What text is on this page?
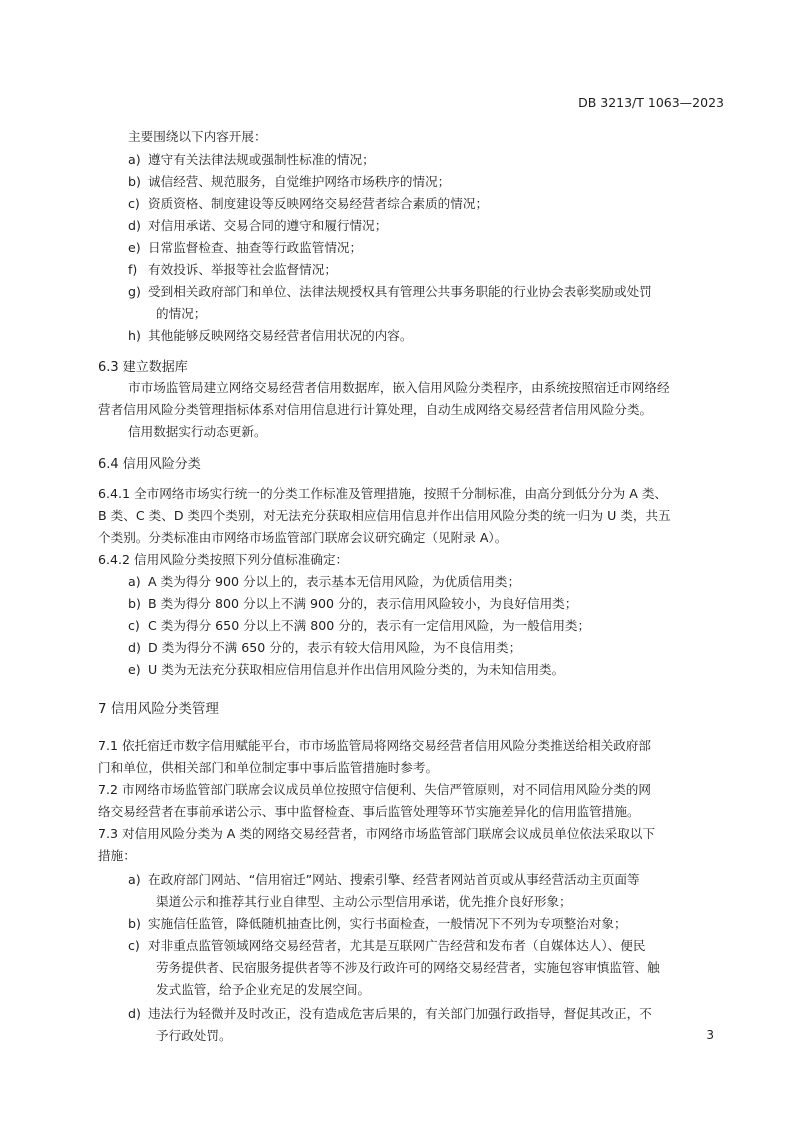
DB 3213/T 1063—2023
主要围绕以下内容开展：
a) 遵守有关法律法规或强制性标准的情况；
b) 诚信经营、规范服务，自觉维护网络市场秩序的情况；
c) 资质资格、制度建设等反映网络交易经营者综合素质的情况；
d) 对信用承诺、交易合同的遵守和履行情况；
e) 日常监督检查、抽查等行政监管情况；
f) 有效投诉、举报等社会监督情况；
g) 受到相关政府部门和单位、法律法规授权具有管理公共事务职能的行业协会表彰奖励或处罚
的情况；
h) 其他能够反映网络交易经营者信用状况的内容。
6.3 建立数据库
市市场监管局建立网络交易经营者信用数据库，嵌入信用风险分类程序，由系统按照宿迁市网络经
营者信用风险分类管理指标体系对信用信息进行计算处理，自动生成网络交易经营者信用风险分类。
信用数据实行动态更新。
6.4 信用风险分类
6.4.1 全市网络市场实行统一的分类工作标准及管理措施，按照千分制标准，由高分到低分分为 A 类、
B 类、C 类、D 类四个类别，对无法充分获取相应信用信息并作出信用风险分类的统一归为 U 类，共五
个类别。分类标准由市网络市场监管部门联席会议研究确定（见附录 A）。
6.4.2 信用风险分类按照下列分值标准确定：
a) A 类为得分 900 分以上的，表示基本无信用风险，为优质信用类；
b) B 类为得分 800 分以上不满 900 分的，表示信用风险较小，为良好信用类；
c) C 类为得分 650 分以上不满 800 分的，表示有一定信用风险，为一般信用类；
d) D 类为得分不满 650 分的，表示有较大信用风险，为不良信用类；
e) U 类为无法充分获取相应信用信息并作出信用风险分类的，为未知信用类。
7 信用风险分类管理
7.1 依托宿迁市数字信用赋能平台，市市场监管局将网络交易经营者信用风险分类推送给相关政府部
门和单位，供相关部门和单位制定事中事后监管措施时参考。
7.2 市网络市场监管部门联席会议成员单位按照守信便利、失信严管原则，对不同信用风险分类的网
络交易经营者在事前承诺公示、事中监督检查、事后监管处理等环节实施差异化的信用监管措施。
7.3 对信用风险分类为 A 类的网络交易经营者，市网络市场监管部门联席会议成员单位依法采取以下
措施：
a) 在政府部门网站、“信用宿迁”网站、搜索引擎、经营者网站首页或从事经营活动主页面等
渠道公示和推荐其行业自律型、主动公示型信用承诺，优先推介良好形象；
b) 实施信任监管，降低随机抽查比例，实行书面检查，一般情况下不列为专项整治对象；
c) 对非重点监管领域网络交易经营者，尤其是互联网广告经营和发布者（自媒体达人）、便民
劳务提供者、民宿服务提供者等不涉及行政许可的网络交易经营者，实施包容审慎监管、触
发式监管，给予企业充足的发展空间。
d) 违法行为轻微并及时改正，没有造成危害后果的，有关部门加强行政指导，督促其改正，不
予行政处罚。	3
